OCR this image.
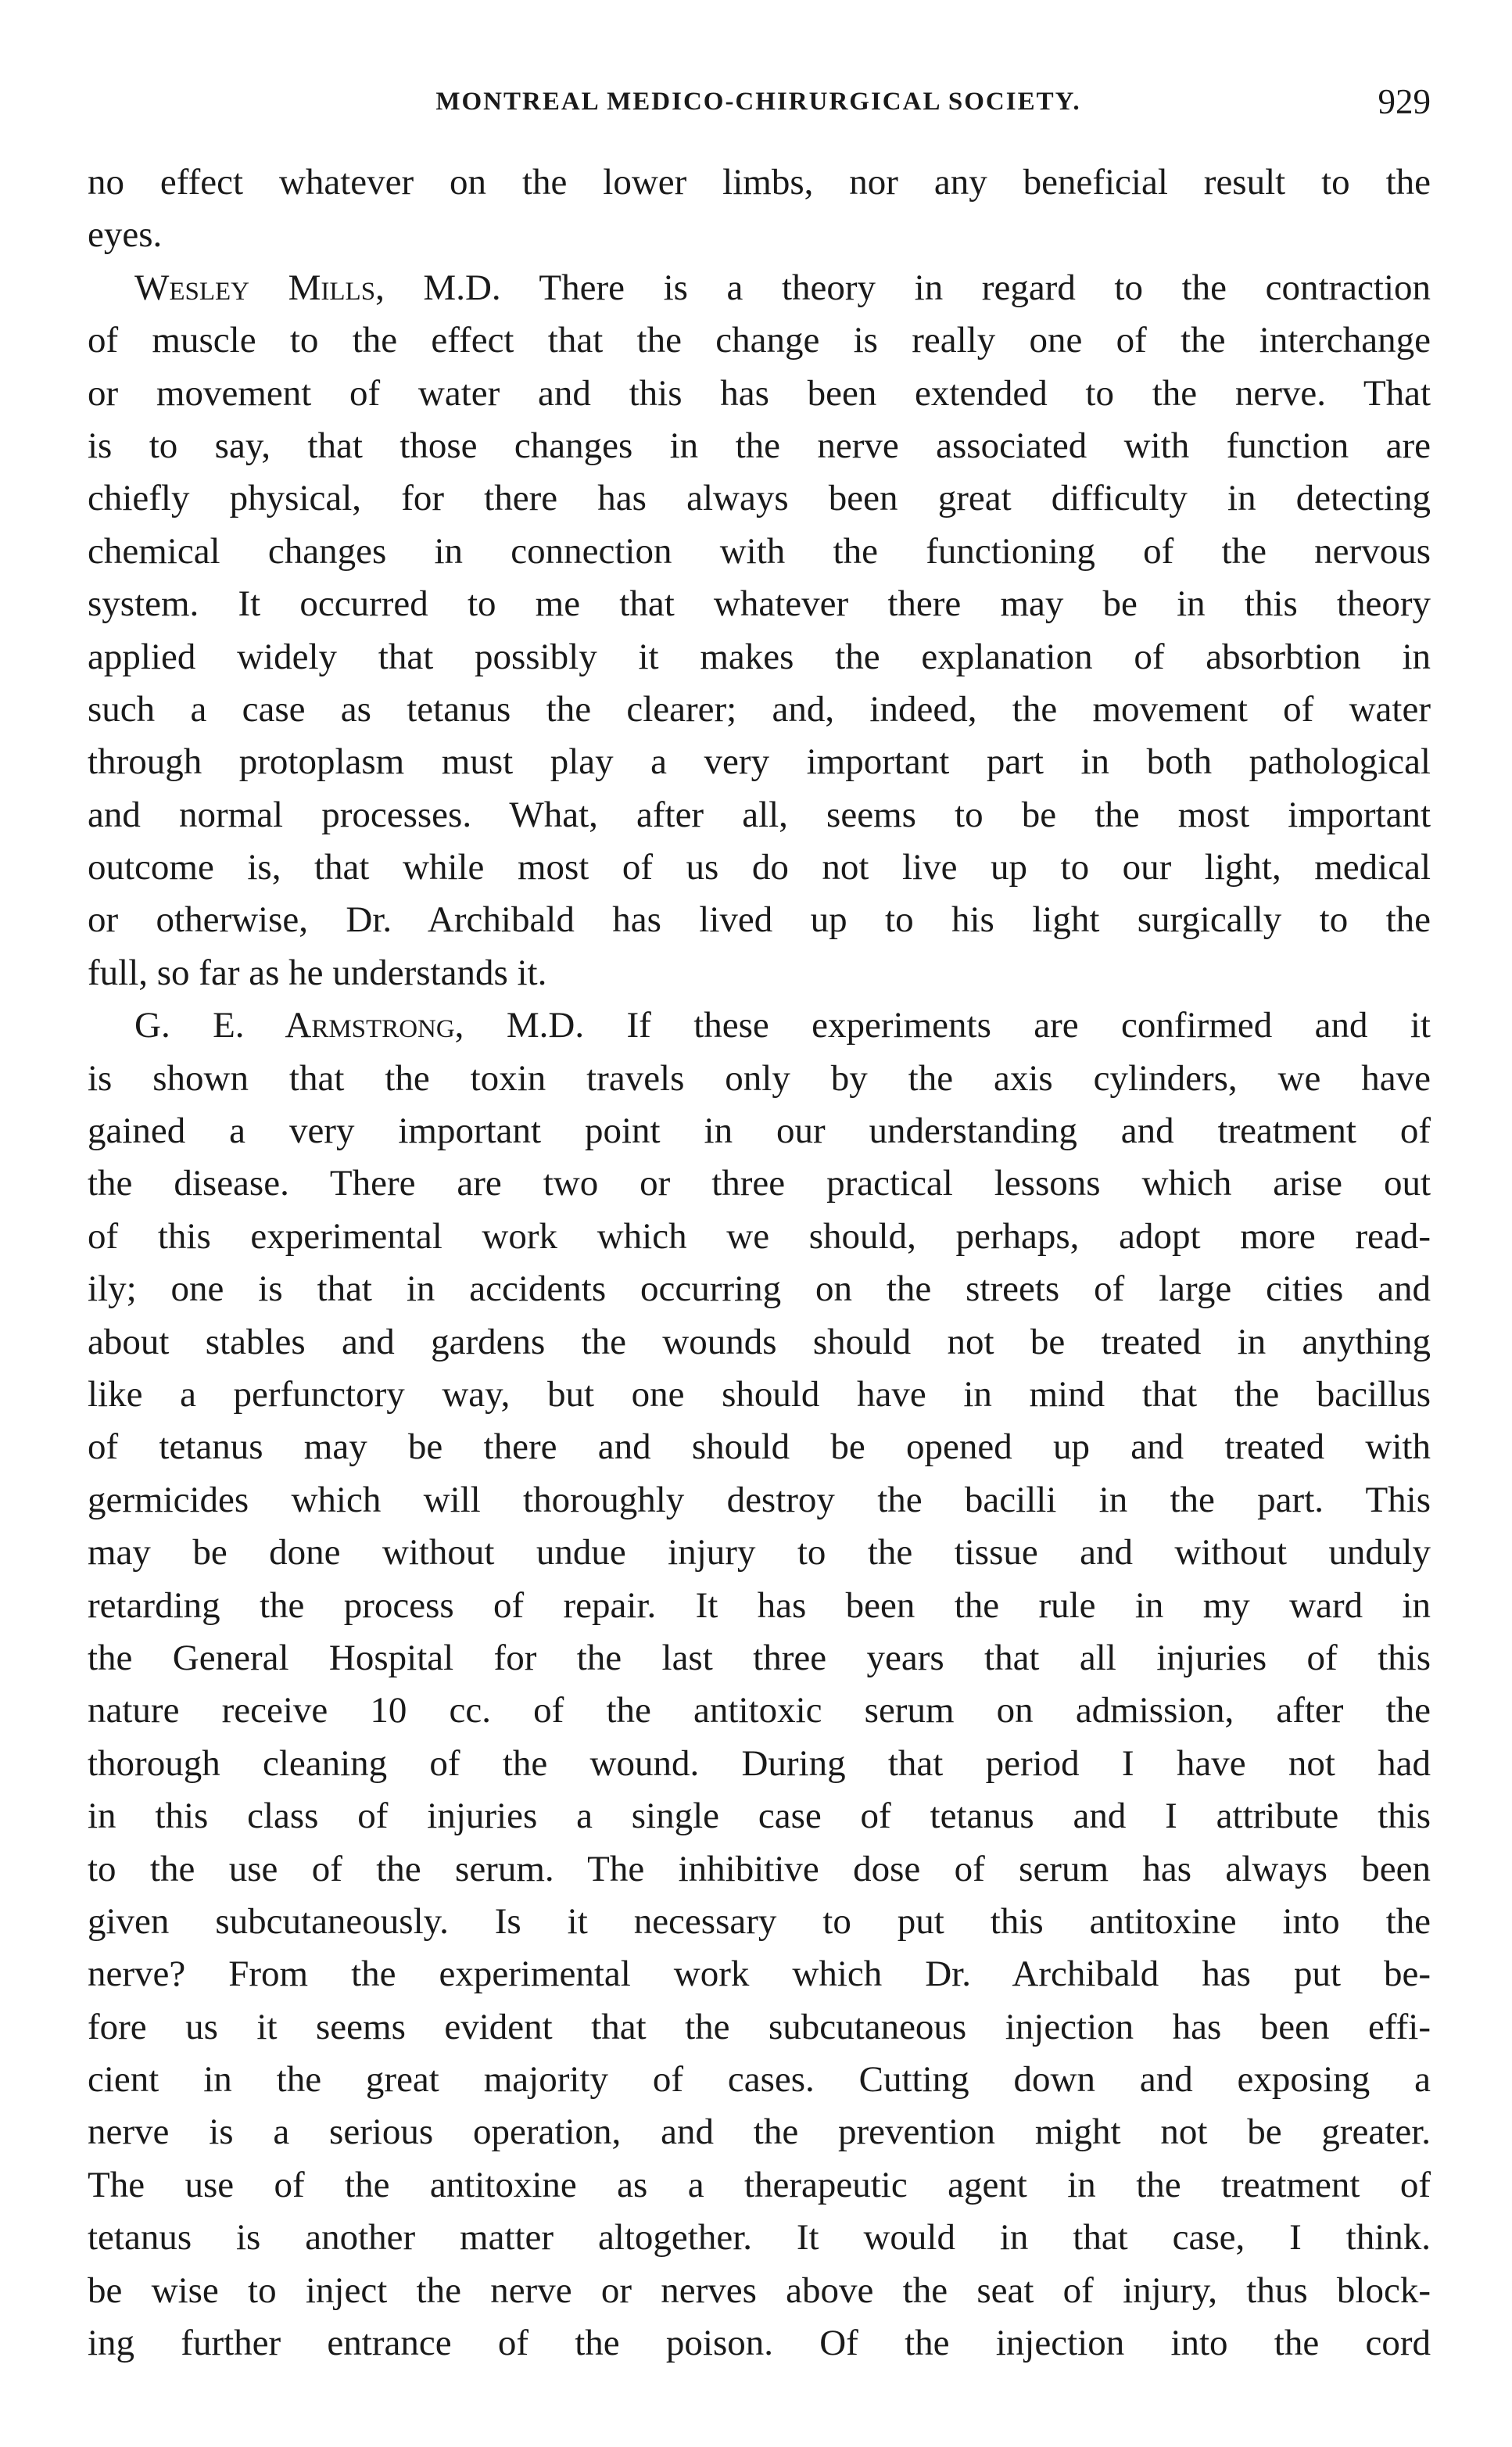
MONTREAL MEDICO-CHIRURGICAL SOCIETY.	929
no effect whatever on the lower limbs, nor any beneficial result to the
eyes.
Wesley Mills, M.D. There is a theory in regard to the contraction
of muscle to the effect that the change is really one of the interchange
or movement of water and this has been extended to the nerve. That
is to say, that those changes in the nerve associated with function are
chiefly physical, for there has always been great difficulty in detecting
chemical changes in connection with the functioning of the nervous
system. It occurred to me that whatever there may be in this theory
applied widely that possibly it makes the explanation of absorbtion in
such a case as tetanus the clearer; and, indeed, the movement of water
through protoplasm must play a very important part in both pathological
and normal processes. What, after all, seems to be the most important
outcome is, that while most of us do not live up to our light, medical
or otherwise, Dr. Archibald has lived up to his light surgically to the
full, so far as he understands it.
G. E. Armstrong, M.D. If these experiments are confirmed and it
is shown that the toxin travels only by the axis cylinders, we have
gained a very important point in our understanding and treatment of
the disease. There are two or three practical lessons which arise out
of this experimental work which we should, perhaps, adopt more read-
ily; one is that in accidents occurring on the streets of large cities and
about stables and gardens the wounds should not be treated in anything
like a perfunctory way, but one should have in mind that the bacillus
of tetanus may be there and should be opened up and treated with
germicides which will thoroughly destroy the bacilli in the part. This
may be done without undue injury to the tissue and without unduly
retarding the process of repair. It has been the rule in my ward in
the General Hospital for the last three years that all injuries of this
nature receive 10 cc. of the antitoxic serum on admission, after the
thorough cleaning of the wound. During that period I have not had
in this class of injuries a single case of tetanus and I attribute this
to the use of the serum. The inhibitive dose of serum has always been
given subcutaneously. Is it necessary to put this antitoxine into the
nerve? From the experimental work which Dr. Archibald has put be-
fore us it seems evident that the subcutaneous injection has been effi-
cient in the great majority of cases. Cutting down and exposing a
nerve is a serious operation, and the prevention might not be greater.
The use of the antitoxine as a therapeutic agent in the treatment of
tetanus is another matter altogether. It would in that case, I think.
be wise to inject the nerve or nerves above the seat of injury, thus block-
ing further entrance of the poison. Of the injection into the cord
